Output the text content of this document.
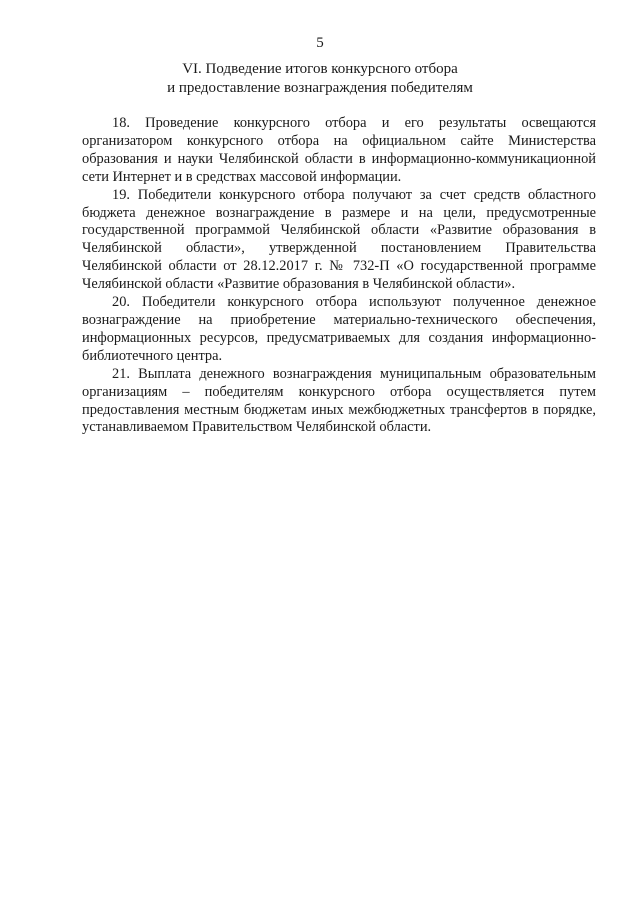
5
VI. Подведение итогов конкурсного отбора
и предоставление вознаграждения победителям

18. Проведение конкурсного отбора и его результаты освещаются организатором конкурсного отбора на официальном сайте Министерства образования и науки Челябинской области в информационно-коммуникационной сети Интернет и в средствах массовой информации.

19. Победители конкурсного отбора получают за счет средств областного бюджета денежное вознаграждение в размере и на цели, предусмотренные государственной программой Челябинской области «Развитие образования в Челябинской области», утвержденной постановлением Правительства Челябинской области от 28.12.2017 г. № 732-П «О государственной программе Челябинской области «Развитие образования в Челябинской области».

20. Победители конкурсного отбора используют полученное денежное вознаграждение на приобретение материально-технического обеспечения, информационных ресурсов, предусматриваемых для создания информационно-библиотечного центра.

21. Выплата денежного вознаграждения муниципальным образовательным организациям – победителям конкурсного отбора осуществляется путем предоставления местным бюджетам иных межбюджетных трансфертов в порядке, устанавливаемом Правительством Челябинской области.
